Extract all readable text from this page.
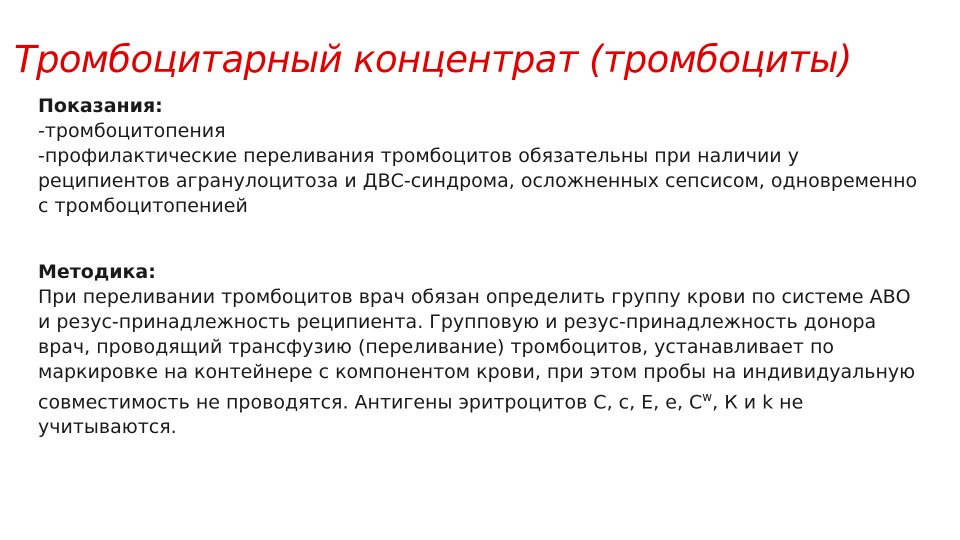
Тромбоцитарный концентрат (тромбоциты)

Показания:

-тромбоцитопения

-профилактические переливания тромбоцитов обязательны при наличии у реципиентов агранулоцитоза и ДВС-синдрома, осложненных сепсисом, одновременно с тромбоцитопенией

Методика:

При переливании тромбоцитов врач обязан определить группу крови по системе АВО и резус-принадлежность реципиента. Групповую и резус-принадлежность донора врач, проводящий трансфузию (переливание) тромбоцитов, устанавливает по маркировке на контейнере с компонентом крови, при этом пробы на индивидуальную совместимость не проводятся. Антигены эритроцитов C, c, E, e, $C^w$, К и k не учитываются.
